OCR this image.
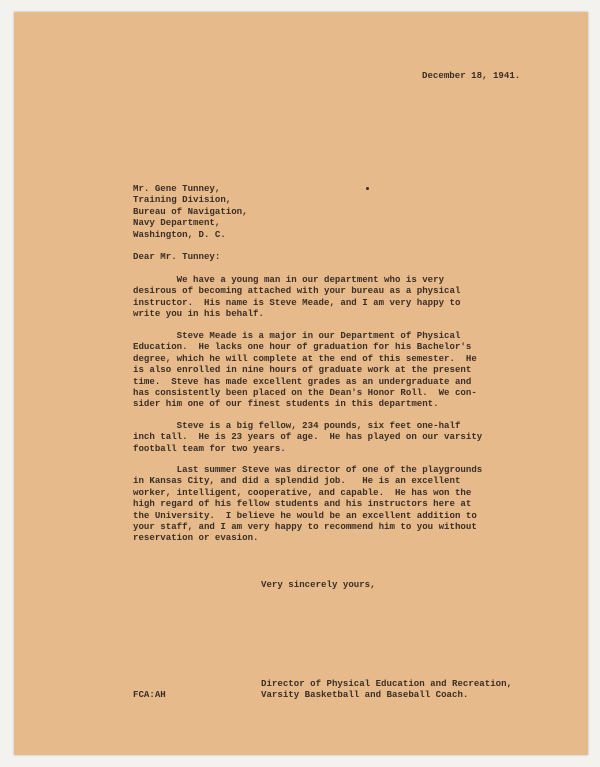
December 18, 1941.
Mr. Gene Tunney,
Training Division,
Bureau of Navigation,
Navy Department,
Washington, D. C.
Dear Mr. Tunney:
We have a young man in our department who is very
desirous of becoming attached with your bureau as a physical
instructor.  His name is Steve Meade, and I am very happy to
write you in his behalf.
Steve Meade is a major in our Department of Physical
Education.  He lacks one hour of graduation for his Bachelor's
degree, which he will complete at the end of this semester.  He
is also enrolled in nine hours of graduate work at the present
time.  Steve has made excellent grades as an undergraduate and
has consistently been placed on the Dean's Honor Roll.  We con-
sider him one of our finest students in this department.
Steve is a big fellow, 234 pounds, six feet one-half
inch tall.  He is 23 years of age.  He has played on our varsity
football team for two years.
Last summer Steve was director of one of the playgrounds
in Kansas City, and did a splendid job.   He is an excellent
worker, intelligent, cooperative, and capable.  He has won the
high regard of his fellow students and his instructors here at
the University.  I believe he would be an excellent addition to
your staff, and I am very happy to recommend him to you without
reservation or evasion.
Very sincerely yours,
Director of Physical Education and Recreation,
Varsity Basketball and Baseball Coach.
FCA:AH
